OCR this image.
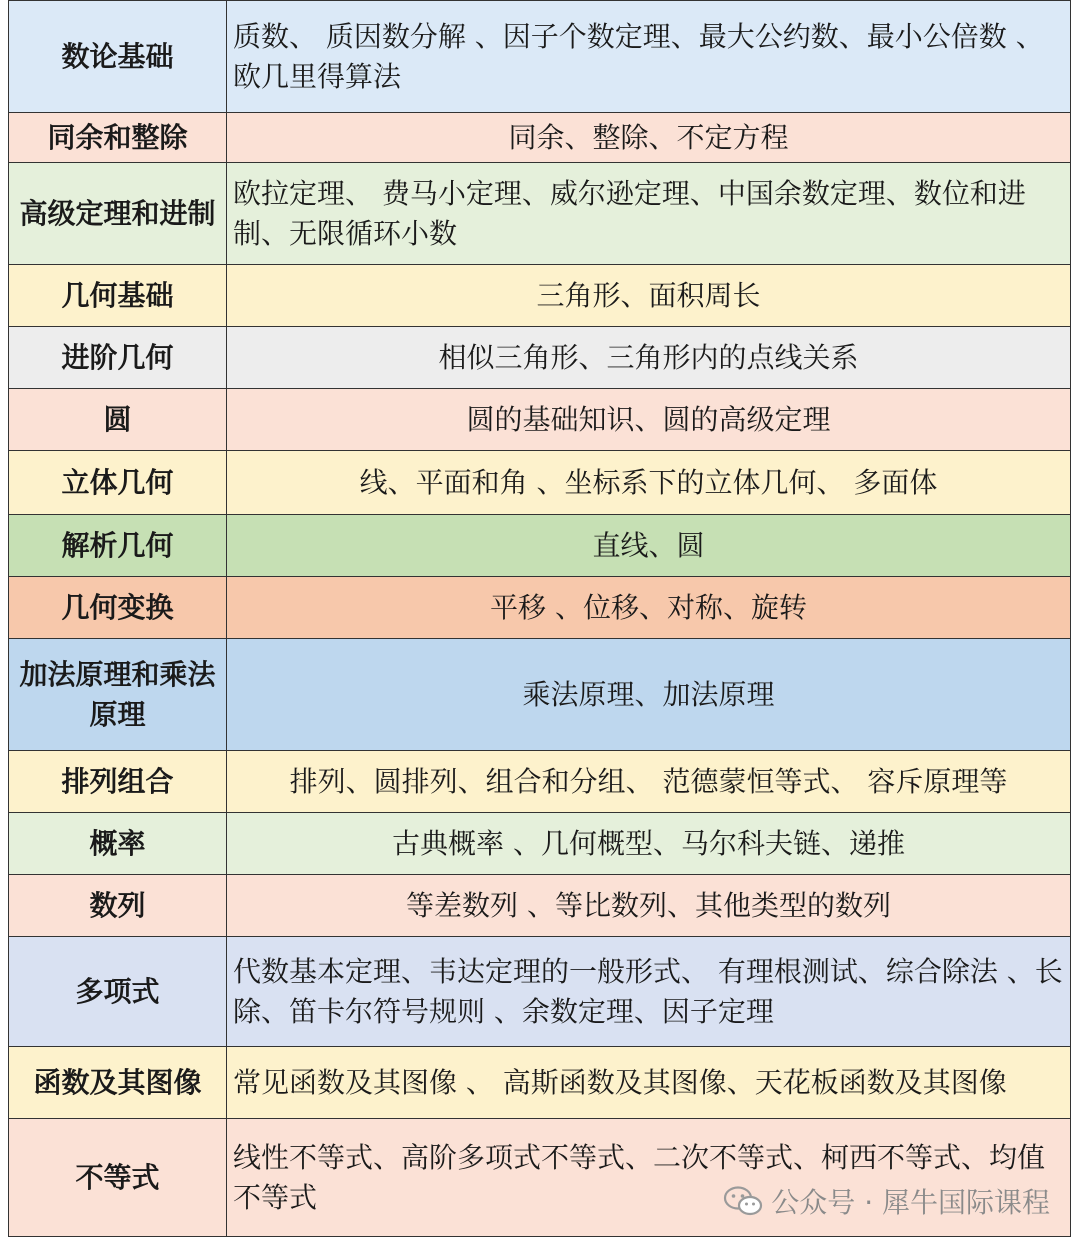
数论基础	质数、 质因数分解 、因子个数定理、最大公约数、最小公倍数 、欧几里得算法
同余和整除	同余、整除、不定方程
高级定理和进制	欧拉定理、 费马小定理、威尔逊定理、中国余数定理、数位和进制、无限循环小数
几何基础	三角形、面积周长
进阶几何	相似三角形、三角形内的点线关系
圆	圆的基础知识、圆的高级定理
立体几何	线、平面和角 、坐标系下的立体几何、 多面体
解析几何	直线、圆
几何变换	平移 、位移、对称、旋转
加法原理和乘法原理	乘法原理、加法原理
排列组合	排列、圆排列、组合和分组、 范德蒙恒等式、 容斥原理等
概率	古典概率 、几何概型、马尔科夫链、递推
数列	等差数列 、等比数列、其他类型的数列
多项式	代数基本定理、韦达定理的一般形式、 有理根测试、综合除法 、长除、笛卡尔符号规则 、余数定理、因子定理
函数及其图像	常见函数及其图像 、 高斯函数及其图像、天花板函数及其图像
不等式	线性不等式、高阶多项式不等式、二次不等式、柯西不等式、均值不等式	公众号 · 犀牛国际课程
